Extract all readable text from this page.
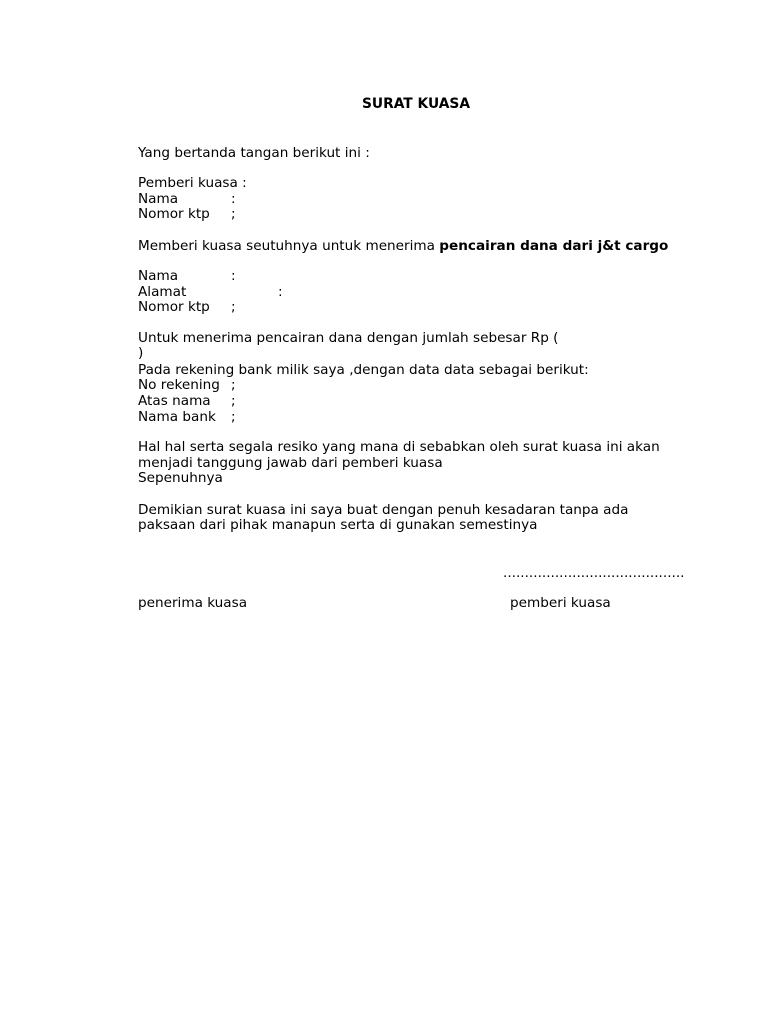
SURAT KUASA
Yang bertanda tangan berikut ini :
Pemberi kuasa :
Nama	:
Nomor ktp ;
Memberi kuasa seutuhnya untuk menerima pencairan dana dari j&t cargo
Nama	:
Alamat	:
Nomor ktp ;
Untuk menerima pencairan dana dengan jumlah sebesar Rp (
)
Pada rekening bank milik saya ,dengan data data sebagai berikut:
No rekening ;
Atas nama ;
Nama bank ;
Hal hal serta segala resiko yang mana di sebabkan oleh surat kuasa ini akan
menjadi tanggung jawab dari pemberi kuasa
Sepenuhnya
Demikian surat kuasa ini saya buat dengan penuh kesadaran tanpa ada
paksaan dari pihak manapun serta di gunakan semestinya
..........................................
penerima kuasa	pemberi kuasa
